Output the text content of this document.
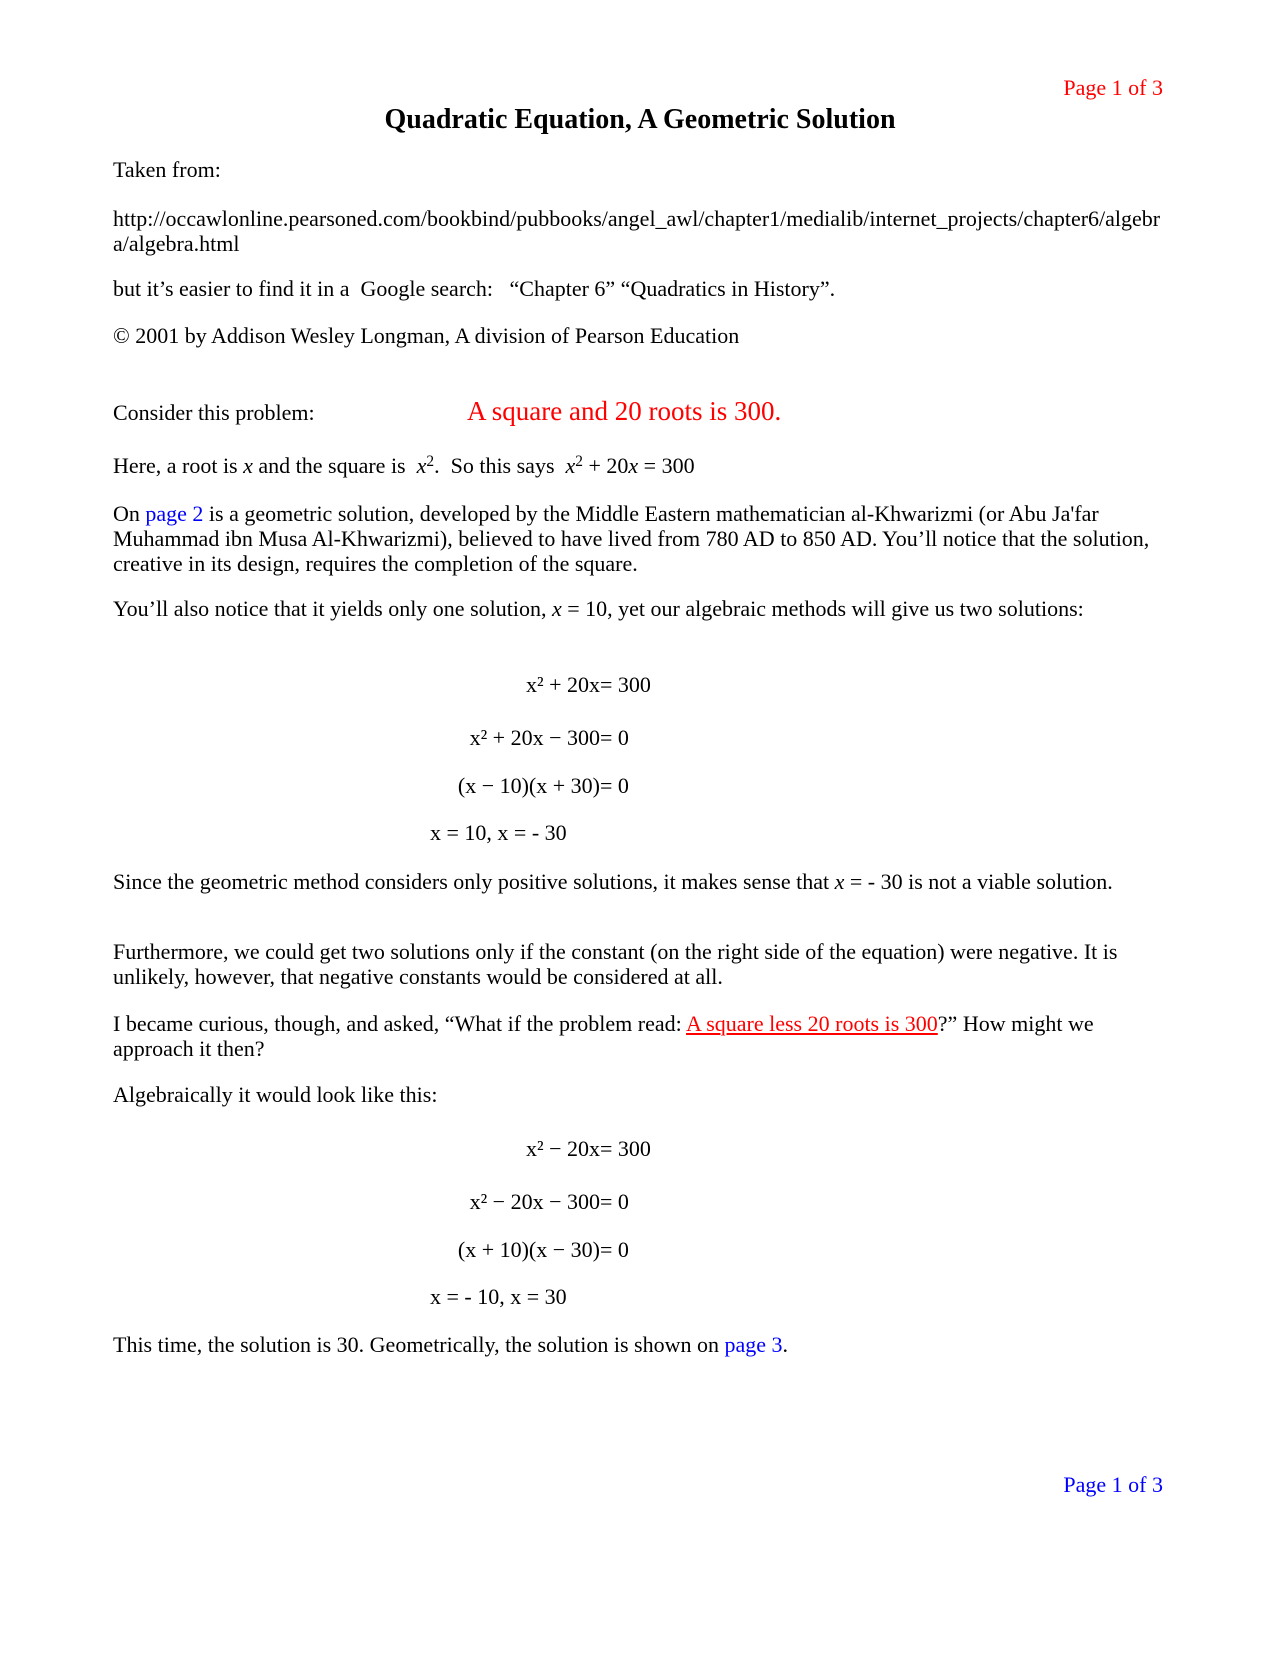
Page 1 of 3
Quadratic Equation, A Geometric Solution
Taken from:
http://occawlonline.pearsoned.com/bookbind/pubbooks/angel_awl/chapter1/medialib/internet_projects/chapter6/algebra/algebra.html
but it’s easier to find it in a  Google search:   “Chapter 6” “Quadratics in History”.
© 2001 by Addison Wesley Longman, A division of Pearson Education
Consider this problem:	A square and 20 roots is 300.
Here, a root is x and the square is  $x^2$.  So this says  $x^2 + 20x = 300$
On page 2 is a geometric solution, developed by the Middle Eastern mathematician al-Khwarizmi (or Abu Ja'far Muhammad ibn Musa Al-Khwarizmi), believed to have lived from 780 AD to 850 AD. You’ll notice that the solution, creative in its design, requires the completion of the square.
You’ll also notice that it yields only one solution, x = 10, yet our algebraic methods will give us two solutions:
x² + 20x = 300
x² + 20x − 300 = 0
(x − 10)(x + 30) = 0
x = 10, x = - 30
Since the geometric method considers only positive solutions, it makes sense that x = - 30 is not a viable solution.
Furthermore, we could get two solutions only if the constant (on the right side of the equation) were negative. It is unlikely, however, that negative constants would be considered at all.
I became curious, though, and asked, “What if the problem read: A square less 20 roots is 300?” How might we approach it then?
Algebraically it would look like this:
x² − 20x = 300
x² − 20x − 300 = 0
(x + 10)(x − 30) = 0
x = - 10, x = 30
This time, the solution is 30. Geometrically, the solution is shown on page 3.
Page 1 of 3
